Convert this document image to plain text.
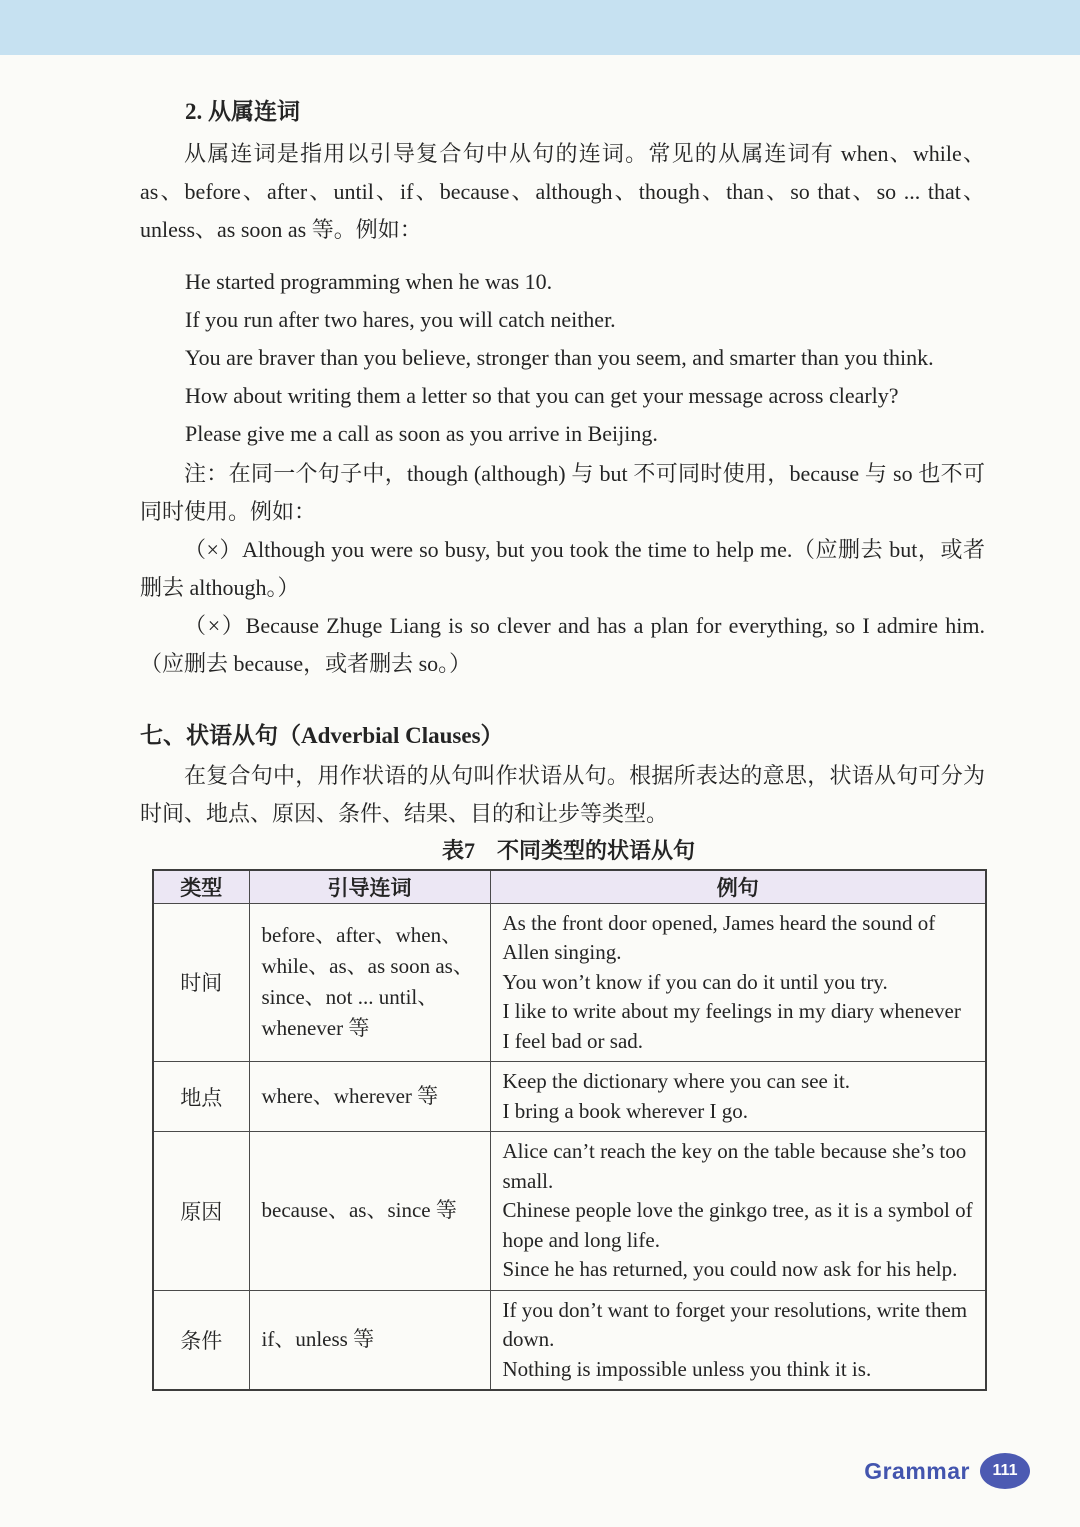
2. 从属连词

从属连词是指用以引导复合句中从句的连词。常见的从属连词有 when、while、as、before、after、until、if、because、although、though、than、so that、so ... that、unless、as soon as 等。例如：

He started programming when he was 10.

If you run after two hares, you will catch neither.

You are braver than you believe, stronger than you seem, and smarter than you think.

How about writing them a letter so that you can get your message across clearly?

Please give me a call as soon as you arrive in Beijing.

注：在同一个句子中，though (although) 与 but 不可同时使用，because 与 so 也不可同时使用。例如：

（×）Although you were so busy, but you took the time to help me.（应删去 but，或者删去 although。）

（×）Because Zhuge Liang is so clever and has a plan for everything, so I admire him.（应删去 because，或者删去 so。）

七、状语从句（Adverbial Clauses）

在复合句中，用作状语的从句叫作状语从句。根据所表达的意思，状语从句可分为时间、地点、原因、条件、结果、目的和让步等类型。

表7　不同类型的状语从句
类型	引导连词	例句
时间	before、after、when、while、as、as soon as、since、not ... until、whenever 等	As the front door opened, James heard the sound of Allen singing.
You won’t know if you can do it until you try.
I like to write about my feelings in my diary whenever I feel bad or sad.

地点	where、wherever 等	Keep the dictionary where you can see it.
I bring a book wherever I go.

原因	because、as、since 等	Alice can’t reach the key on the table because she’s too small.
Chinese people love the ginkgo tree, as it is a symbol of hope and long life.
Since he has returned, you could now ask for his help.

条件	if、unless 等	If you don’t want to forget your resolutions, write them down.
Nothing is impossible unless you think it is.
Grammar	111
